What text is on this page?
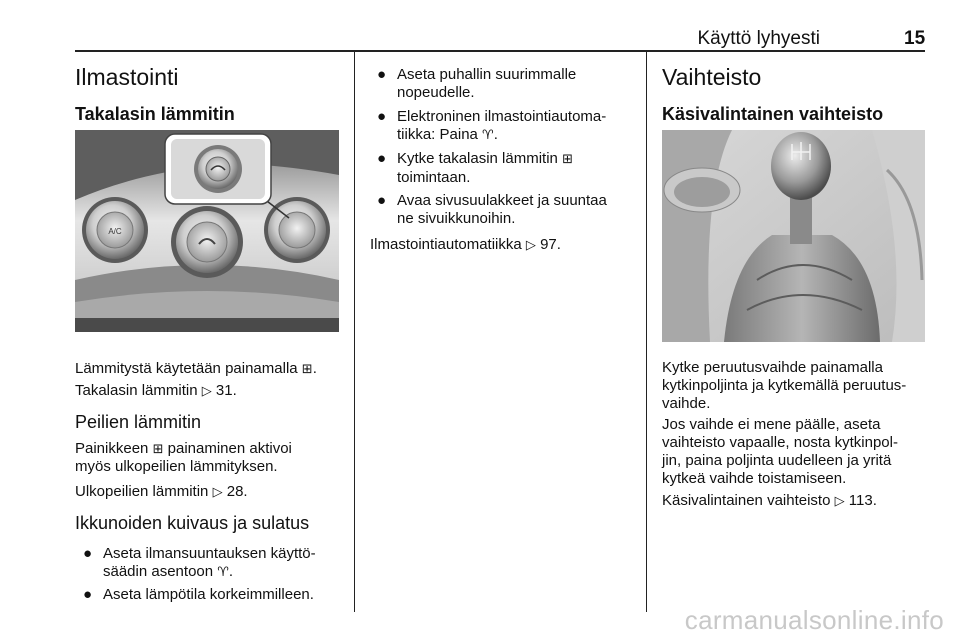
Käyttö lyhyesti	15
Ilmastointi
Takalasin lämmitin
A/C
Lämmitystä käytetään painamalla ⊞.
Takalasin lämmitin ▷ 31.
Peilien lämmitin
Painikkeen ⊞ painaminen aktivoi
myös ulkopeilien lämmityksen.
Ulkopeilien lämmitin ▷ 28.
Ikkunoiden kuivaus ja sulatus
● Aseta ilmansuuntauksen käyttö-
säädin asentoon ♈.
● Aseta lämpötila korkeimmilleen.
● Aseta puhallin suurimmalle
nopeudelle.
● Elektroninen ilmastointiautoma-
tiikka: Paina ♈.
● Kytke takalasin lämmitin ⊞
toimintaan.
● Avaa sivusuulakkeet ja suuntaa
ne sivuikkunoihin.
Ilmastointiautomatiikka ▷ 97.
Vaihteisto
Käsivalintainen vaihteisto
Kytke peruutusvaihde painamalla
kytkinpoljinta ja kytkemällä peruutus-
vaihde.
Jos vaihde ei mene päälle, aseta
vaihteisto vapaalle, nosta kytkinpol-
jin, paina poljinta uudelleen ja yritä
kytkeä vaihde toistamiseen.
Käsivalintainen vaihteisto ▷ 113.
carmanualsonline.info
